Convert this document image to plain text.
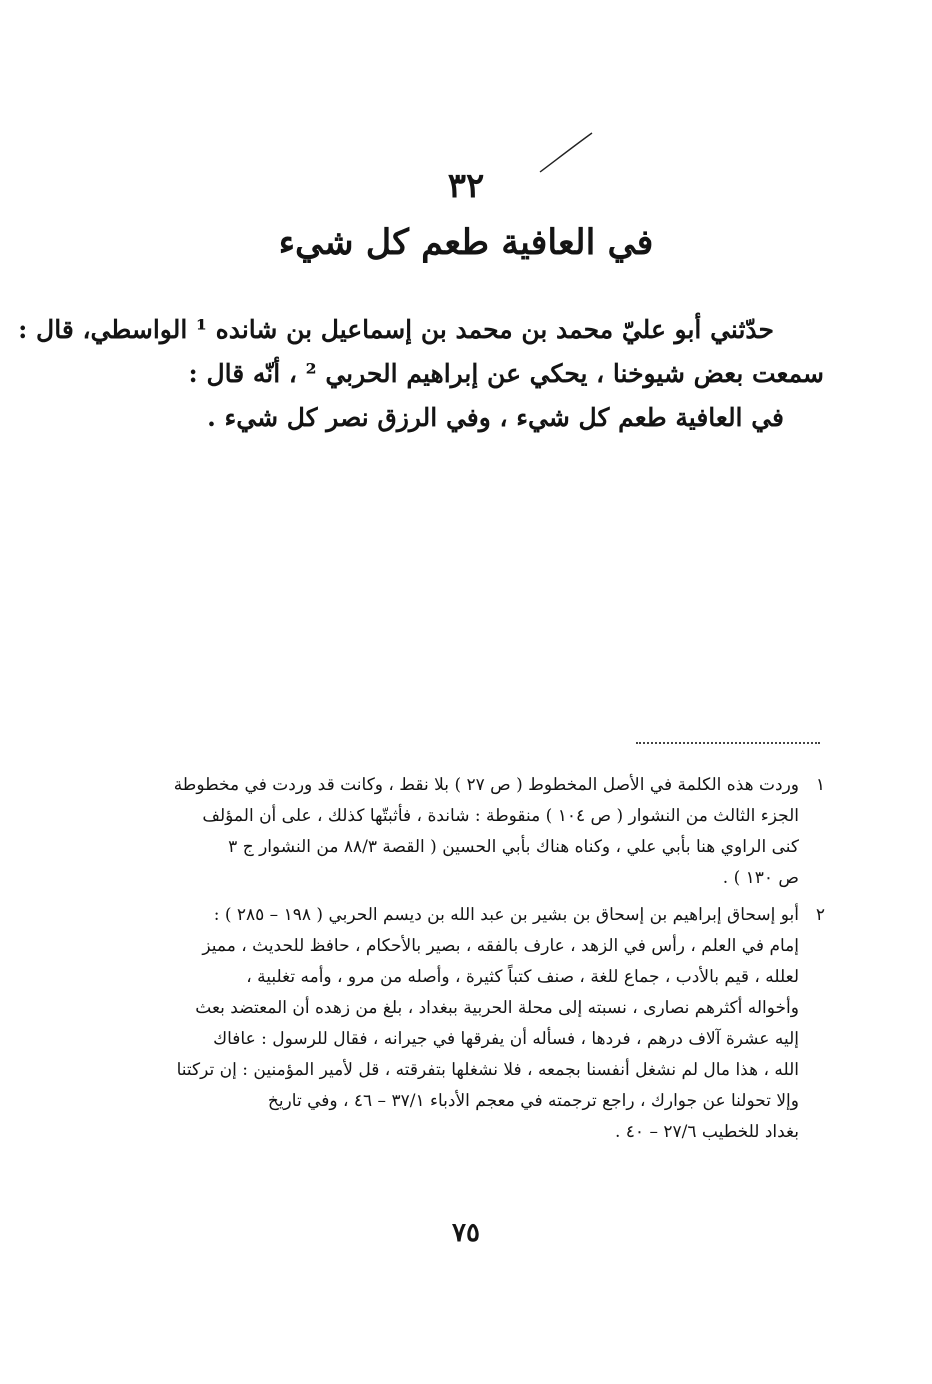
٣٢
في العافية طعم كل شيء
حدّثني أبو عليّ محمد بن محمد بن إسماعيل بن شانده ¹ الواسطي، قال :
سمعت بعض شيوخنا ، يحكي عن إبراهيم الحربي ² ، أنّه قال :
في العافية طعم كل شيء ، وفي الرزق نصر كل شيء .
١وردت هذه الكلمة في الأصل المخطوط ( ص ٢٧ ) بلا نقط ، وكانت قد وردت في مخطوطة
الجزء الثالث من النشوار ( ص ١٠٤ ) منقوطة : شاندة ، فأثبتّها كذلك ، على أن المؤلف
كنى الراوي هنا بأبي علي ، وكناه هناك بأبي الحسين ( القصة ٨٨/٣ من النشوار ج ٣
ص ١٣٠ ) .
٢أبو إسحاق إبراهيم بن إسحاق بن بشير بن عبد الله بن ديسم الحربي ( ١٩٨ – ٢٨٥ ) :
إمام في العلم ، رأس في الزهد ، عارف بالفقه ، بصير بالأحكام ، حافظ للحديث ، مميز
لعلله ، قيم بالأدب ، جماع للغة ، صنف كتباً كثيرة ، وأصله من مرو ، وأمه تغلبية ،
وأخواله أكثرهم نصارى ، نسبته إلى محلة الحربية ببغداد ، بلغ من زهده أن المعتضد بعث
إليه عشرة آلاف درهم ، فردها ، فسأله أن يفرقها في جيرانه ، فقال للرسول : عافاك
الله ، هذا مال لم نشغل أنفسنا بجمعه ، فلا نشغلها بتفرقته ، قل لأمير المؤمنين : إن تركتنا
وإلا تحولنا عن جوارك ، راجع ترجمته في معجم الأدباء ٣٧/١ – ٤٦ ، وفي تاريخ
بغداد للخطيب ٢٧/٦ – ٤٠ .
٧٥
